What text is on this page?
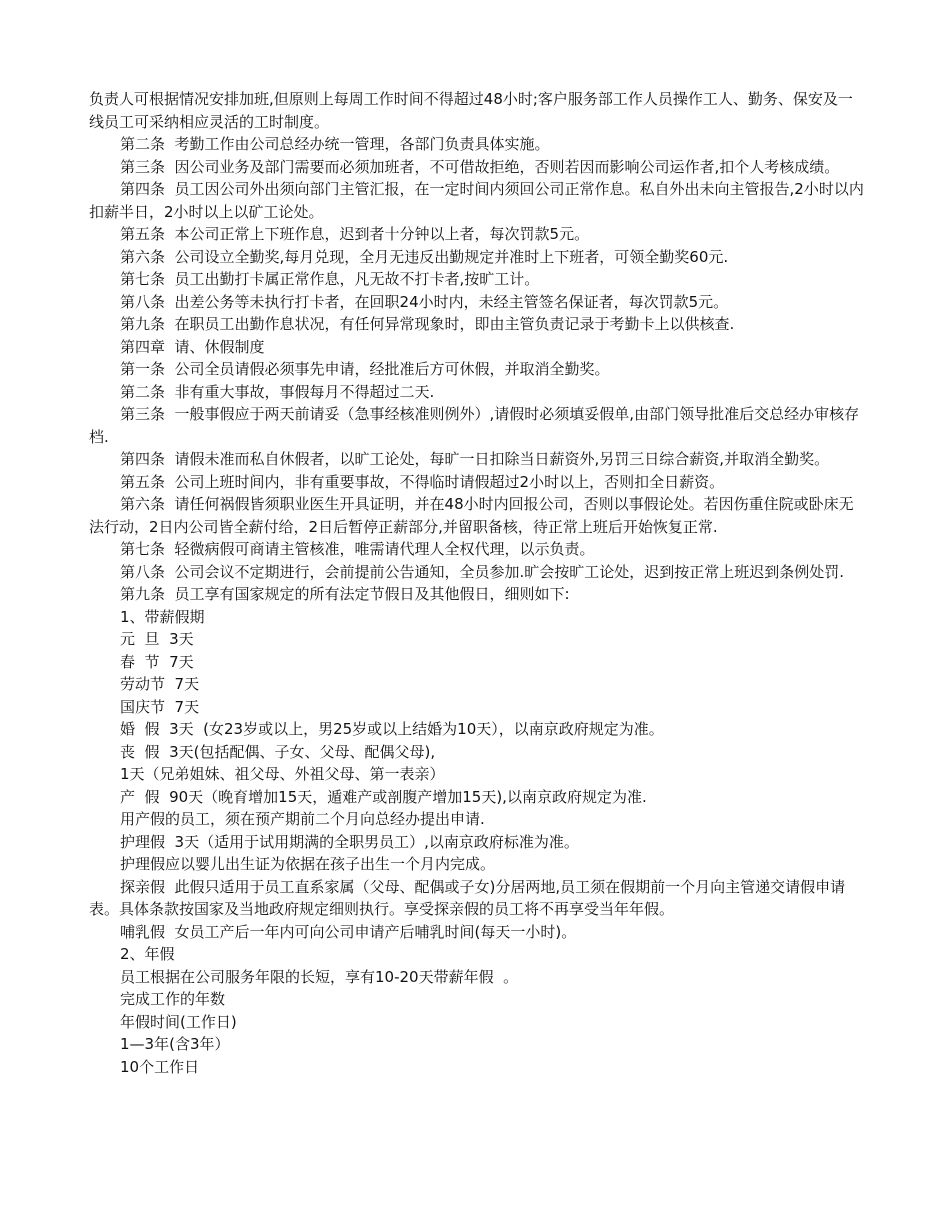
负责人可根据情况安排加班,但原则上每周工作时间不得超过48小时;客户服务部工作人员操作工人、勤务、保安及一线员工可采纳相应灵活的工时制度。

第二条  考勤工作由公司总经办统一管理，各部门负责具体实施。

第三条  因公司业务及部门需要而必须加班者，不可借故拒绝，否则若因而影响公司运作者,扣个人考核成绩。

第四条  员工因公司外出须向部门主管汇报，在一定时间内须回公司正常作息。私自外出未向主管报告,2小时以内扣薪半日，2小时以上以矿工论处。

第五条  本公司正常上下班作息，迟到者十分钟以上者，每次罚款5元。

第六条  公司设立全勤奖,每月兑现，全月无违反出勤规定并准时上下班者，可领全勤奖60元.

第七条  员工出勤打卡属正常作息，凡无故不打卡者,按旷工计。

第八条  出差公务等未执行打卡者，在回职24小时内，未经主管签名保证者，每次罚款5元。

第九条  在职员工出勤作息状况，有任何异常现象时，即由主管负责记录于考勤卡上以供核查.

第四章  请、休假制度

第一条  公司全员请假必须事先申请，经批准后方可休假，并取消全勤奖。

第二条  非有重大事故，事假每月不得超过二天.

第三条  一般事假应于两天前请妥（急事经核准则例外）,请假时必须填妥假单,由部门领导批准后交总经办审核存档.

第四条  请假未准而私自休假者，以旷工论处，每旷一日扣除当日薪资外,另罚三日综合薪资,并取消全勤奖。

第五条  公司上班时间内，非有重要事故，不得临时请假超过2小时以上，否则扣全日薪资。

第六条  请任何祸假皆须职业医生开具证明，并在48小时内回报公司，否则以事假论处。若因伤重住院或卧床无法行动，2日内公司皆全薪付给，2日后暂停正薪部分,并留职备核，待正常上班后开始恢复正常.

第七条  轻微病假可商请主管核准，唯需请代理人全权代理，以示负责。

第八条  公司会议不定期进行，会前提前公告通知，全员参加.旷会按旷工论处，迟到按正常上班迟到条例处罚.

第九条  员工享有国家规定的所有法定节假日及其他假日，细则如下:

1、带薪假期

元  旦  3天

春  节  7天

劳动节  7天

国庆节  7天

婚  假  3天  (女23岁或以上，男25岁或以上结婚为10天），以南京政府规定为准。

丧  假  3天(包括配偶、子女、父母、配偶父母),

1天（兄弟姐妹、祖父母、外祖父母、第一表亲）

产  假  90天（晚育增加15天，遁难产或剖腹产增加15天),以南京政府规定为准.

用产假的员工，须在预产期前二个月向总经办提出申请.

护理假  3天（适用于试用期满的全职男员工）,以南京政府标准为准。

护理假应以婴儿出生证为依据在孩子出生一个月内完成。

探亲假  此假只适用于员工直系家属（父母、配偶或子女)分居两地,员工须在假期前一个月向主管递交请假申请表。具体条款按国家及当地政府规定细则执行。享受探亲假的员工将不再享受当年年假。

哺乳假  女员工产后一年内可向公司申请产后哺乳时间(每天一小时)。

2、年假

员工根据在公司服务年限的长短，享有10-20天带薪年假  。

完成工作的年数

年假时间(工作日)

1—3年(含3年）

10个工作日
